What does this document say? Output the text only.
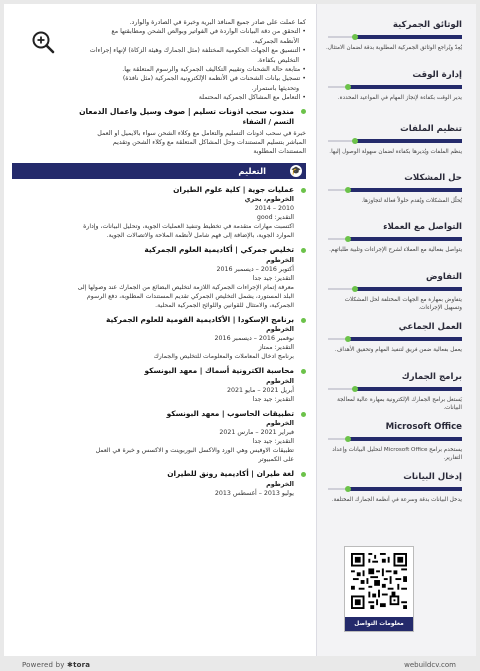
كما عملت على صادر جميع المنافذ البرية وخبرة في الصادرة والوارد.
• التحقق من دقة البيانات الواردة في الفواتير وبوالص الشحن ومطابقتها مع
الأنظمة الجمركية.
• التنسيق مع الجهات الحكومية المختلفة (مثل الجمارك وهيئة الزكاة) لإنهاء إجراءات
التخليص بكفاءة.
• متابعة حالة الشحنات وتقييم التكاليف الجمركية والرسوم المتعلقة بها.
• تسجيل بيانات الشحنات في الأنظمة الإلكترونية الجمركية (مثل نافذة)
وتحديثها باستمرار.
• التعامل مع المشاكل الجمركية المحتملة
مندوب سحب اذونات تسليم | صوف وسيل واعمال الدمعان
التسم / الشفاء
خبرة في سحب اذونات التسليم والتعامل مع وكلاء الشحن سواء بالايميل او العمل
المباشر بتسليم المستندات وحل المشاكل المتعلقة مع وكلاء الشحن وتقديم
المستندات المطلوبة
🎓
التعليم
عمليات جوية | كلية علوم الطيران
الخرطوم، بحري
2010 – 2014
التقدير: good
اكتسبت مهارات متقدمة في تخطيط وتنفيذ العمليات الجوية، وتحليل البيانات، وإدارة
الموارد الجوية، بالإضافة إلى فهم شامل لأنظمة الملاحة والاتصالات الجوية.
تخليص جمركي | أكاديمية العلوم الجمركية
الخرطوم
أكتوبر 2016 – ديسمبر 2016
التقدير: جيد جدا
معرفة إتمام الإجراءات الجمركية اللازمة لتخليص البضائع من الجمارك عند وصولها إلى
البلد المستورد، يشمل التخليص الجمركي تقديم المستندات المطلوبة، دفع الرسوم
الجمركية، والامتثال للقوانين واللوائح الجمركية المحلية.
برنامج الإسكودا | الأكاديمية القومية للعلوم الجمركية
الخرطوم
نوفمبر 2016 – ديسمبر 2016
التقدير: ممتاز
برنامج ادخال المعاملات والمعلومات للتخليص والجمارك
محاسبة الكترونية أسماك | معهد البونسكو
الخرطوم
أبريل 2021 – مايو 2021
التقدير: جيد جدا
تطبيقات الحاسوب | معهد البونسكو
الخرطوم
فبراير 2021 – مارس 2021
التقدير: جيد جدا
تطبيقات الاوفيس وهي الورد والاكسل البوربوينت و الاكسس و خبرة في العمل
على الكمبيوتر
لغة طيران | أكاديمية رونق للطيران
الخرطوم
يوليو 2013 – أغسطس 2013
معلومات التواصل
الوثائق الجمركية
يُعِدّ ويُراجع الوثائق الجمركية المطلوبة بدقة لضمان الامتثال.
إدارة الوقت
يدير الوقت بكفاءة لإنجاز المهام في المواعيد المحددة.
تنظيم الملفات
ينظم الملفات ويُديرها بكفاءة لضمان سهولة الوصول إليها.
حل المشكلات
يُحلّل المشكلات ويُقدم حلولاً فعالة لتجاوزها.
التواصل مع العملاء
يتواصل بفعالية مع العملاء لشرح الإجراءات وتلبية طلباتهم.
التفاوض
يتفاوض بمهارة مع الجهات المختلفة لحل المشكلات وتسهيل الإجراءات.
العمل الجماعي
يعمل بفعالية ضمن فريق لتنفيذ المهام وتحقيق الأهداف.
برامج الجمارك
يَستغل برامج الجمارك الإلكترونية بمهارة عالية لمعالجة البيانات.
Microsoft Office
يستخدم برامج Microsoft Office لتحليل البيانات وإعداد التقارير.
إدخال البيانات
يدخل البيانات بدقة وسرعة في أنظمة الجمارك المختلفة.
Powered by ✱tora	webuildcv.com
